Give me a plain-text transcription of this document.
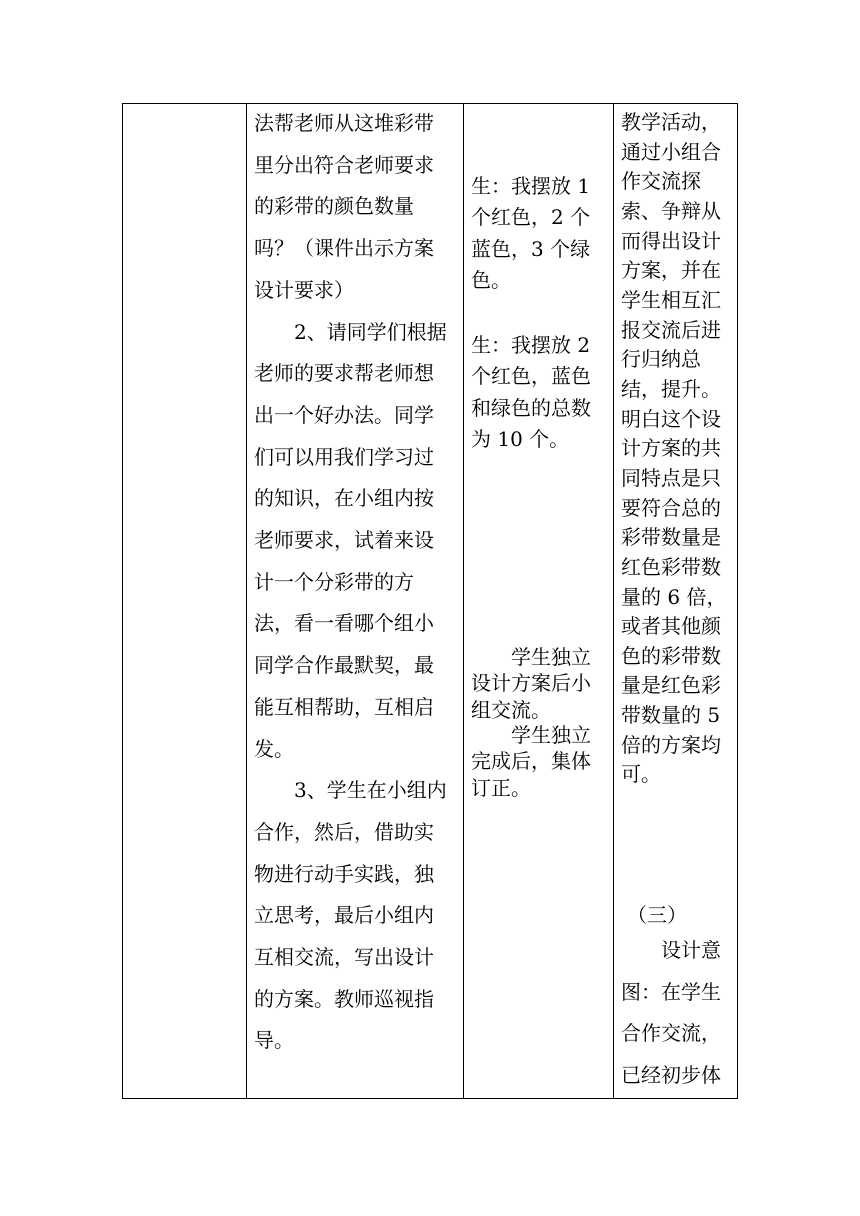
法帮老师从这堆彩带

里分出符合老师要求

的彩带的颜色数量

吗？（课件出示方案

设计要求）

　　2、请同学们根据

老师的要求帮老师想

出一个好办法。同学

们可以用我们学习过

的知识，在小组内按

老师要求，试着来设

计一个分彩带的方

法，看一看哪个组小

同学合作最默契，最

能互相帮助，互相启

发。

　　3、学生在小组内

合作，然后，借助实

物进行动手实践，独

立思考，最后小组内

互相交流，写出设计

的方案。教师巡视指

导。

生：我摆放 1

个红色，2 个

蓝色，3 个绿

色。

生：我摆放 2

个红色，蓝色

和绿色的总数

为 10 个。

　　学生独立

设计方案后小

组交流。

　　学生独立

完成后，集体

订正。

教学活动，

通过小组合

作交流探

索、争辩从

而得出设计

方案，并在

学生相互汇

报交流后进

行归纳总

结，提升。

明白这个设

计方案的共

同特点是只

要符合总的

彩带数量是

红色彩带数

量的 6 倍，

或者其他颜

色的彩带数

量是红色彩

带数量的 5

倍的方案均

可。

（三）

　　设计意

图：在学生

合作交流，

已经初步体
